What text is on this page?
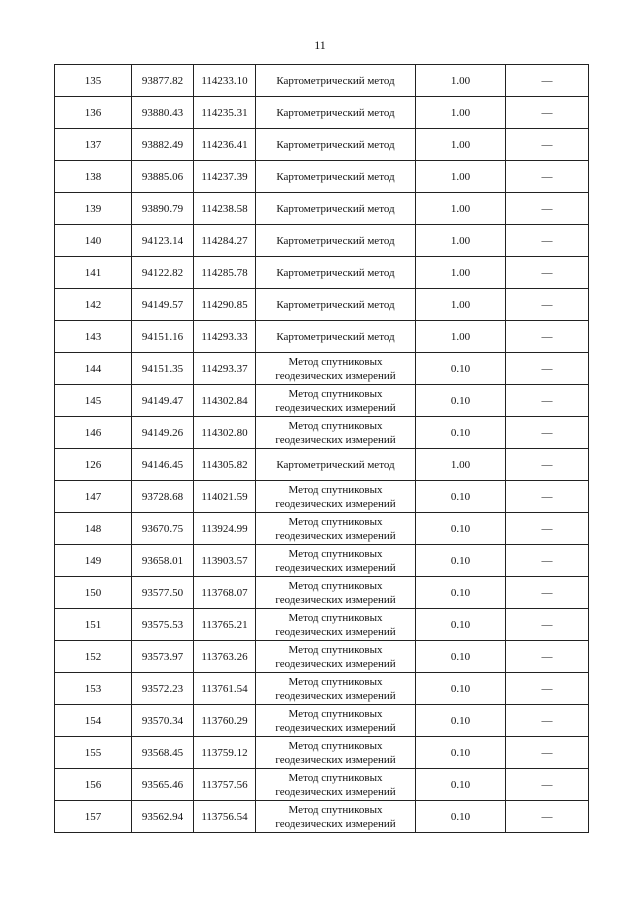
11
135	93877.82	114233.10	Картометрический метод	1.00	—
136	93880.43	114235.31	Картометрический метод	1.00	—
137	93882.49	114236.41	Картометрический метод	1.00	—
138	93885.06	114237.39	Картометрический метод	1.00	—
139	93890.79	114238.58	Картометрический метод	1.00	—
140	94123.14	114284.27	Картометрический метод	1.00	—
141	94122.82	114285.78	Картометрический метод	1.00	—
142	94149.57	114290.85	Картометрический метод	1.00	—
143	94151.16	114293.33	Картометрический метод	1.00	—
144	94151.35	114293.37	Метод спутниковых геодезических измерений	0.10	—
145	94149.47	114302.84	Метод спутниковых геодезических измерений	0.10	—
146	94149.26	114302.80	Метод спутниковых геодезических измерений	0.10	—
126	94146.45	114305.82	Картометрический метод	1.00	—
147	93728.68	114021.59	Метод спутниковых геодезических измерений	0.10	—
148	93670.75	113924.99	Метод спутниковых геодезических измерений	0.10	—
149	93658.01	113903.57	Метод спутниковых геодезических измерений	0.10	—
150	93577.50	113768.07	Метод спутниковых геодезических измерений	0.10	—
151	93575.53	113765.21	Метод спутниковых геодезических измерений	0.10	—
152	93573.97	113763.26	Метод спутниковых геодезических измерений	0.10	—
153	93572.23	113761.54	Метод спутниковых геодезических измерений	0.10	—
154	93570.34	113760.29	Метод спутниковых геодезических измерений	0.10	—
155	93568.45	113759.12	Метод спутниковых геодезических измерений	0.10	—
156	93565.46	113757.56	Метод спутниковых геодезических измерений	0.10	—
157	93562.94	113756.54	Метод спутниковых геодезических измерений	0.10	—
